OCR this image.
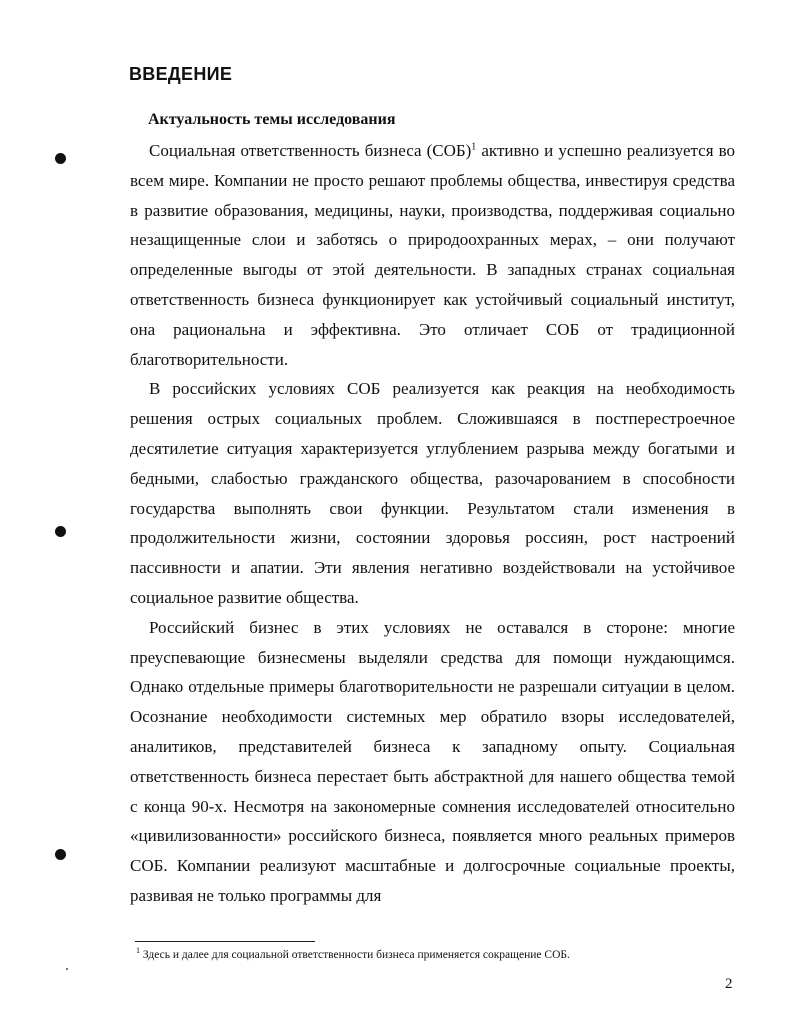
ВВЕДЕНИЕ
Актуальность темы исследования

Социальная ответственность бизнеса (СОБ)$^1$ активно и успешно реализуется во всем мире. Компании не просто решают проблемы общества, инвестируя средства в развитие образования, медицины, науки, производства, поддерживая социально незащищенные слои и заботясь о природоохранных мерах, – они получают определенные выгоды от этой деятельности. В западных странах социальная ответственность бизнеса функционирует как устойчивый социальный институт, она рациональна и эффективна. Это отличает СОБ от традиционной благотворительности.

В российских условиях СОБ реализуется как реакция на необходимость решения острых социальных проблем. Сложившаяся в постперестроечное десятилетие ситуация характеризуется углублением разрыва между богатыми и бедными, слабостью гражданского общества, разочарованием в способности государства выполнять свои функции. Результатом стали изменения в продолжительности жизни, состоянии здоровья россиян, рост настроений пассивности и апатии. Эти явления негативно воздействовали на устойчивое социальное развитие общества.

Российский бизнес в этих условиях не оставался в стороне: многие преуспевающие бизнесмены выделяли средства для помощи нуждающимся. Однако отдельные примеры благотворительности не разрешали ситуации в целом. Осознание необходимости системных мер обратило взоры исследователей, аналитиков, представителей бизнеса к западному опыту. Социальная ответственность бизнеса перестает быть абстрактной для нашего общества темой с конца 90-х. Несмотря на закономерные сомнения исследователей относительно «цивилизованности» российского бизнеса, появляется много реальных примеров СОБ. Компании реализуют масштабные и долгосрочные социальные проекты, развивая не только программы для

$^1$ Здесь и далее для социальной ответственности бизнеса применяется сокращение СОБ.

2
